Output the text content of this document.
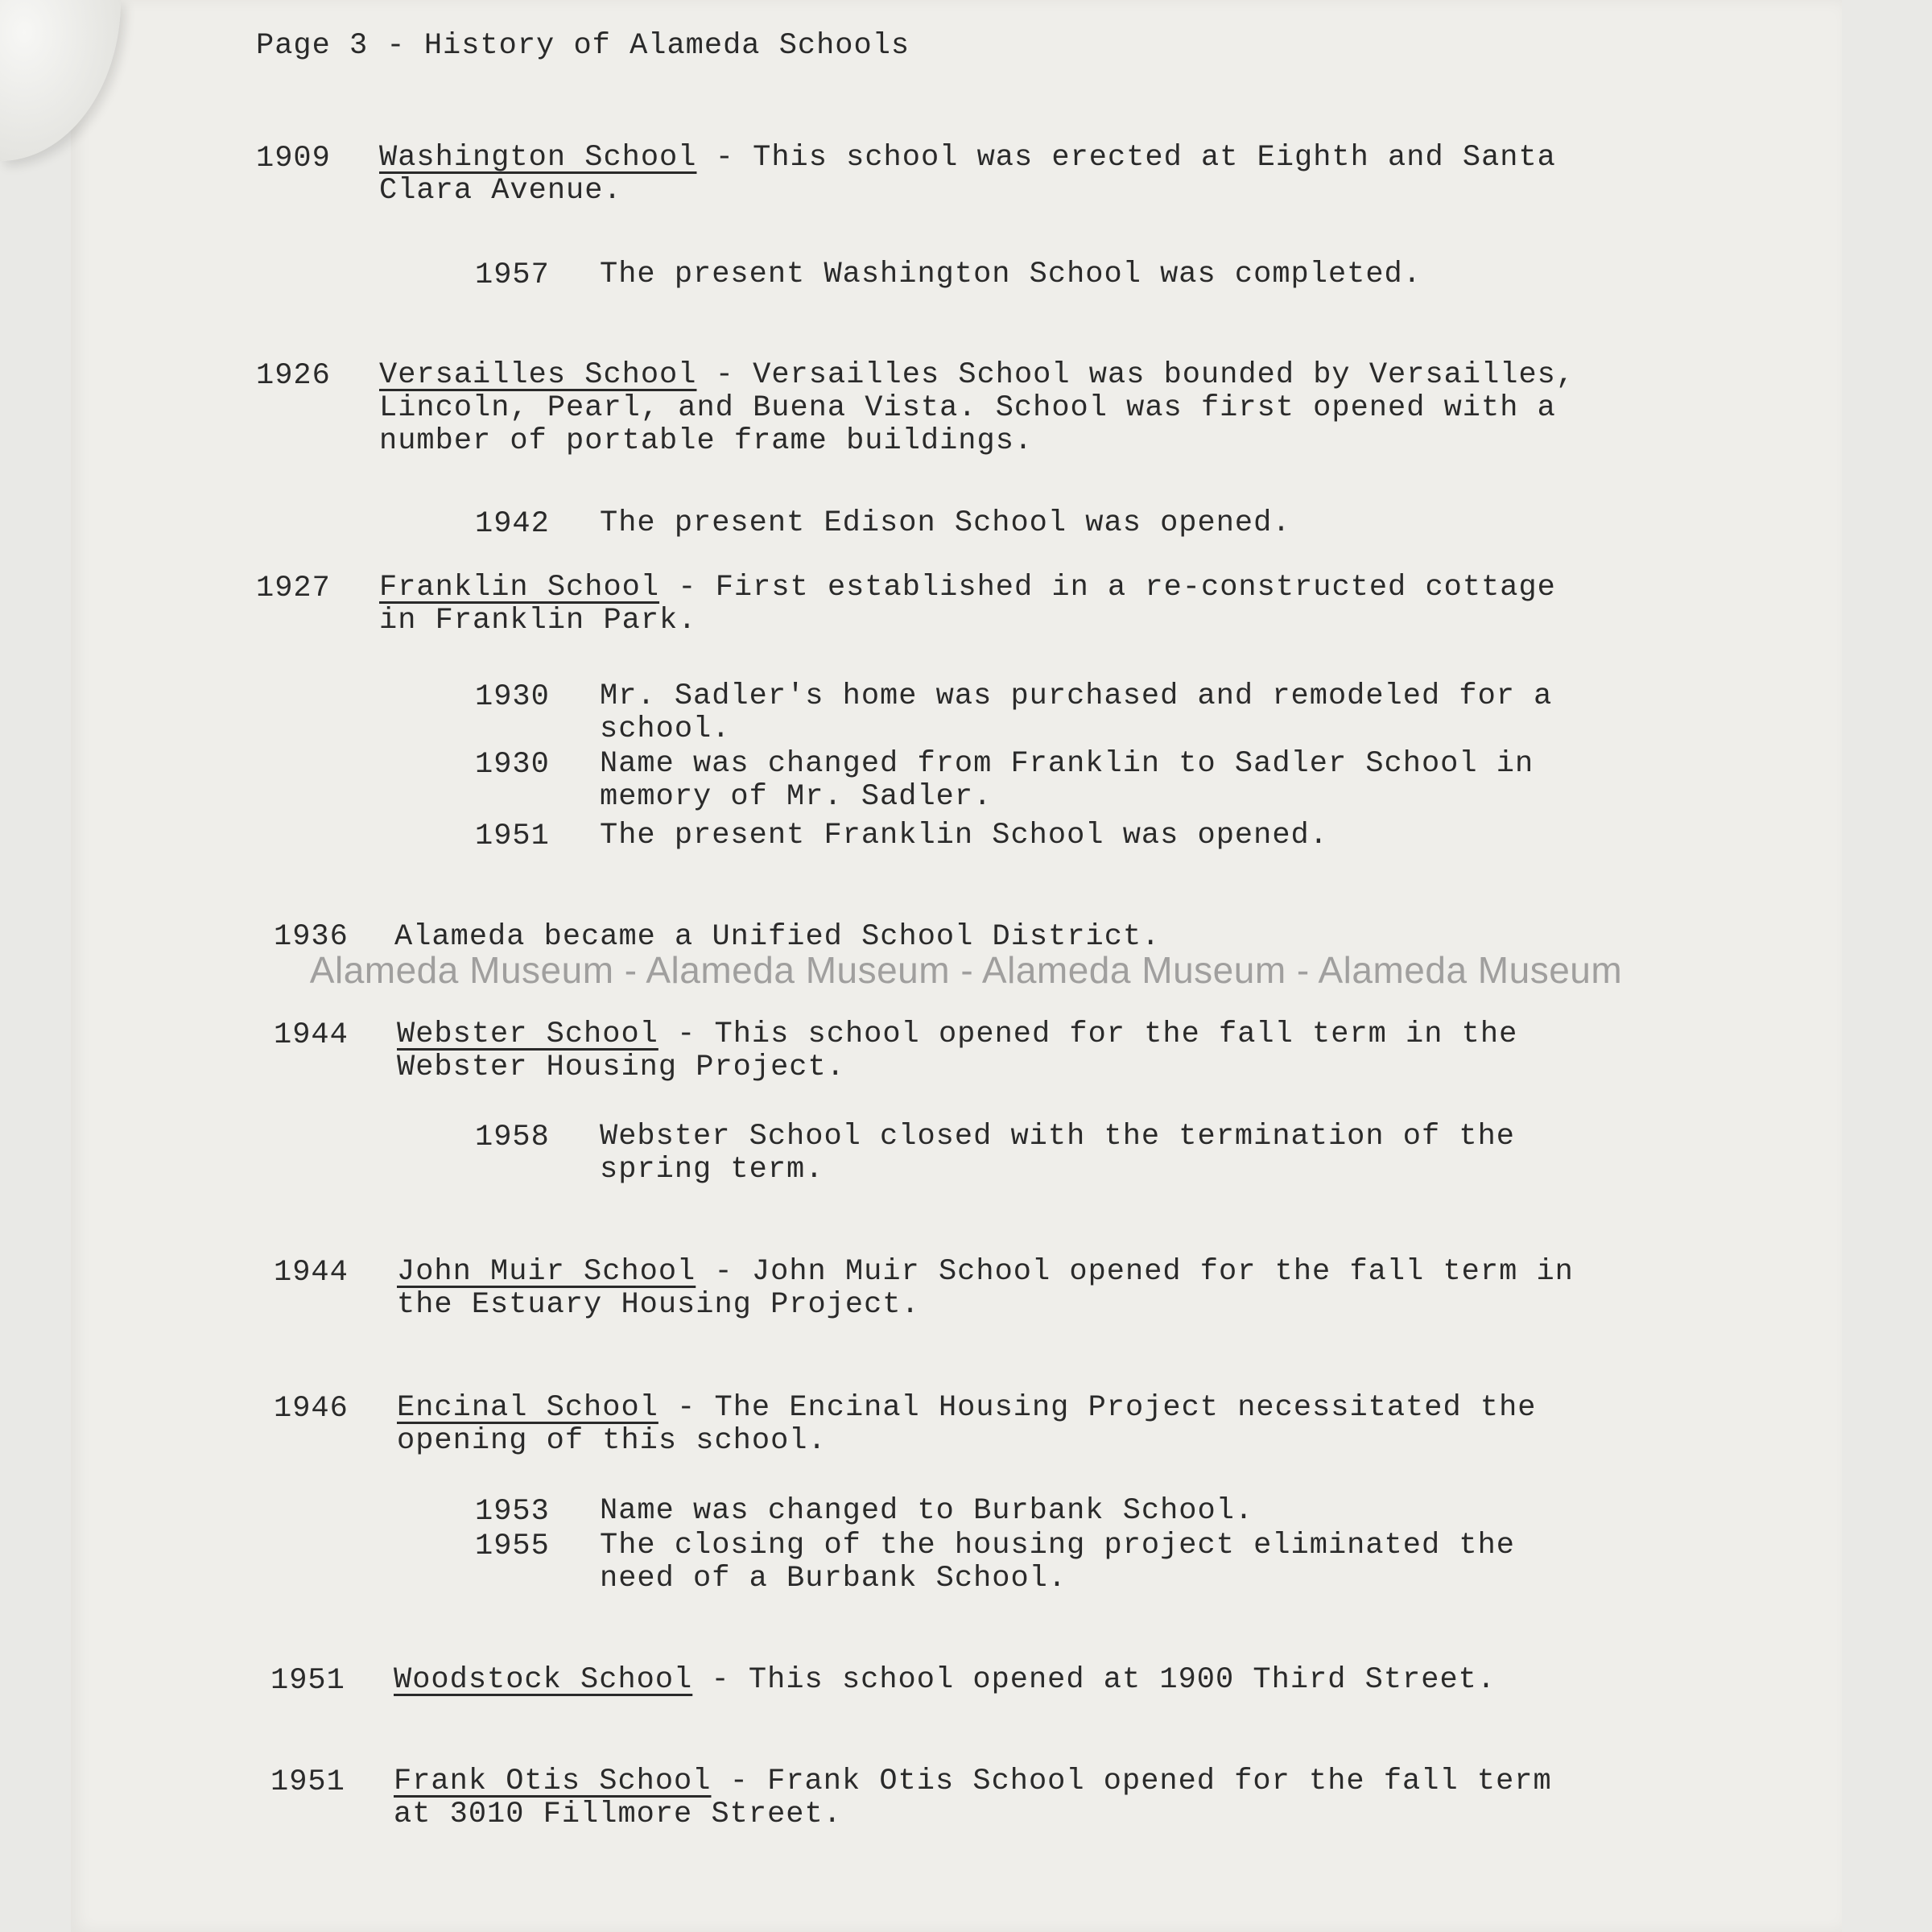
Page 3 - History of Alameda Schools
1909 Washington School - This school was erected at Eighth and Santa Clara Avenue.
1957 The present Washington School was completed.
1926 Versailles School - Versailles School was bounded by Versailles, Lincoln, Pearl, and Buena Vista. School was first opened with a number of portable frame buildings.
1942 The present Edison School was opened.
1927 Franklin School - First established in a re-constructed cottage in Franklin Park.
1930 Mr. Sadler's home was purchased and remodeled for a school.
1930 Name was changed from Franklin to Sadler School in memory of Mr. Sadler.
1951 The present Franklin School was opened.
1936 Alameda became a Unified School District.
Alameda Museum - Alameda Museum - Alameda Museum - Alameda Museum
1944 Webster School - This school opened for the fall term in the Webster Housing Project.
1958 Webster School closed with the termination of the spring term.
1944 John Muir School - John Muir School opened for the fall term in the Estuary Housing Project.
1946 Encinal School - The Encinal Housing Project necessitated the opening of this school.
1953 Name was changed to Burbank School.
1955 The closing of the housing project eliminated the need of a Burbank School.
1951 Woodstock School - This school opened at 1900 Third Street.
1951 Frank Otis School - Frank Otis School opened for the fall term at 3010 Fillmore Street.
